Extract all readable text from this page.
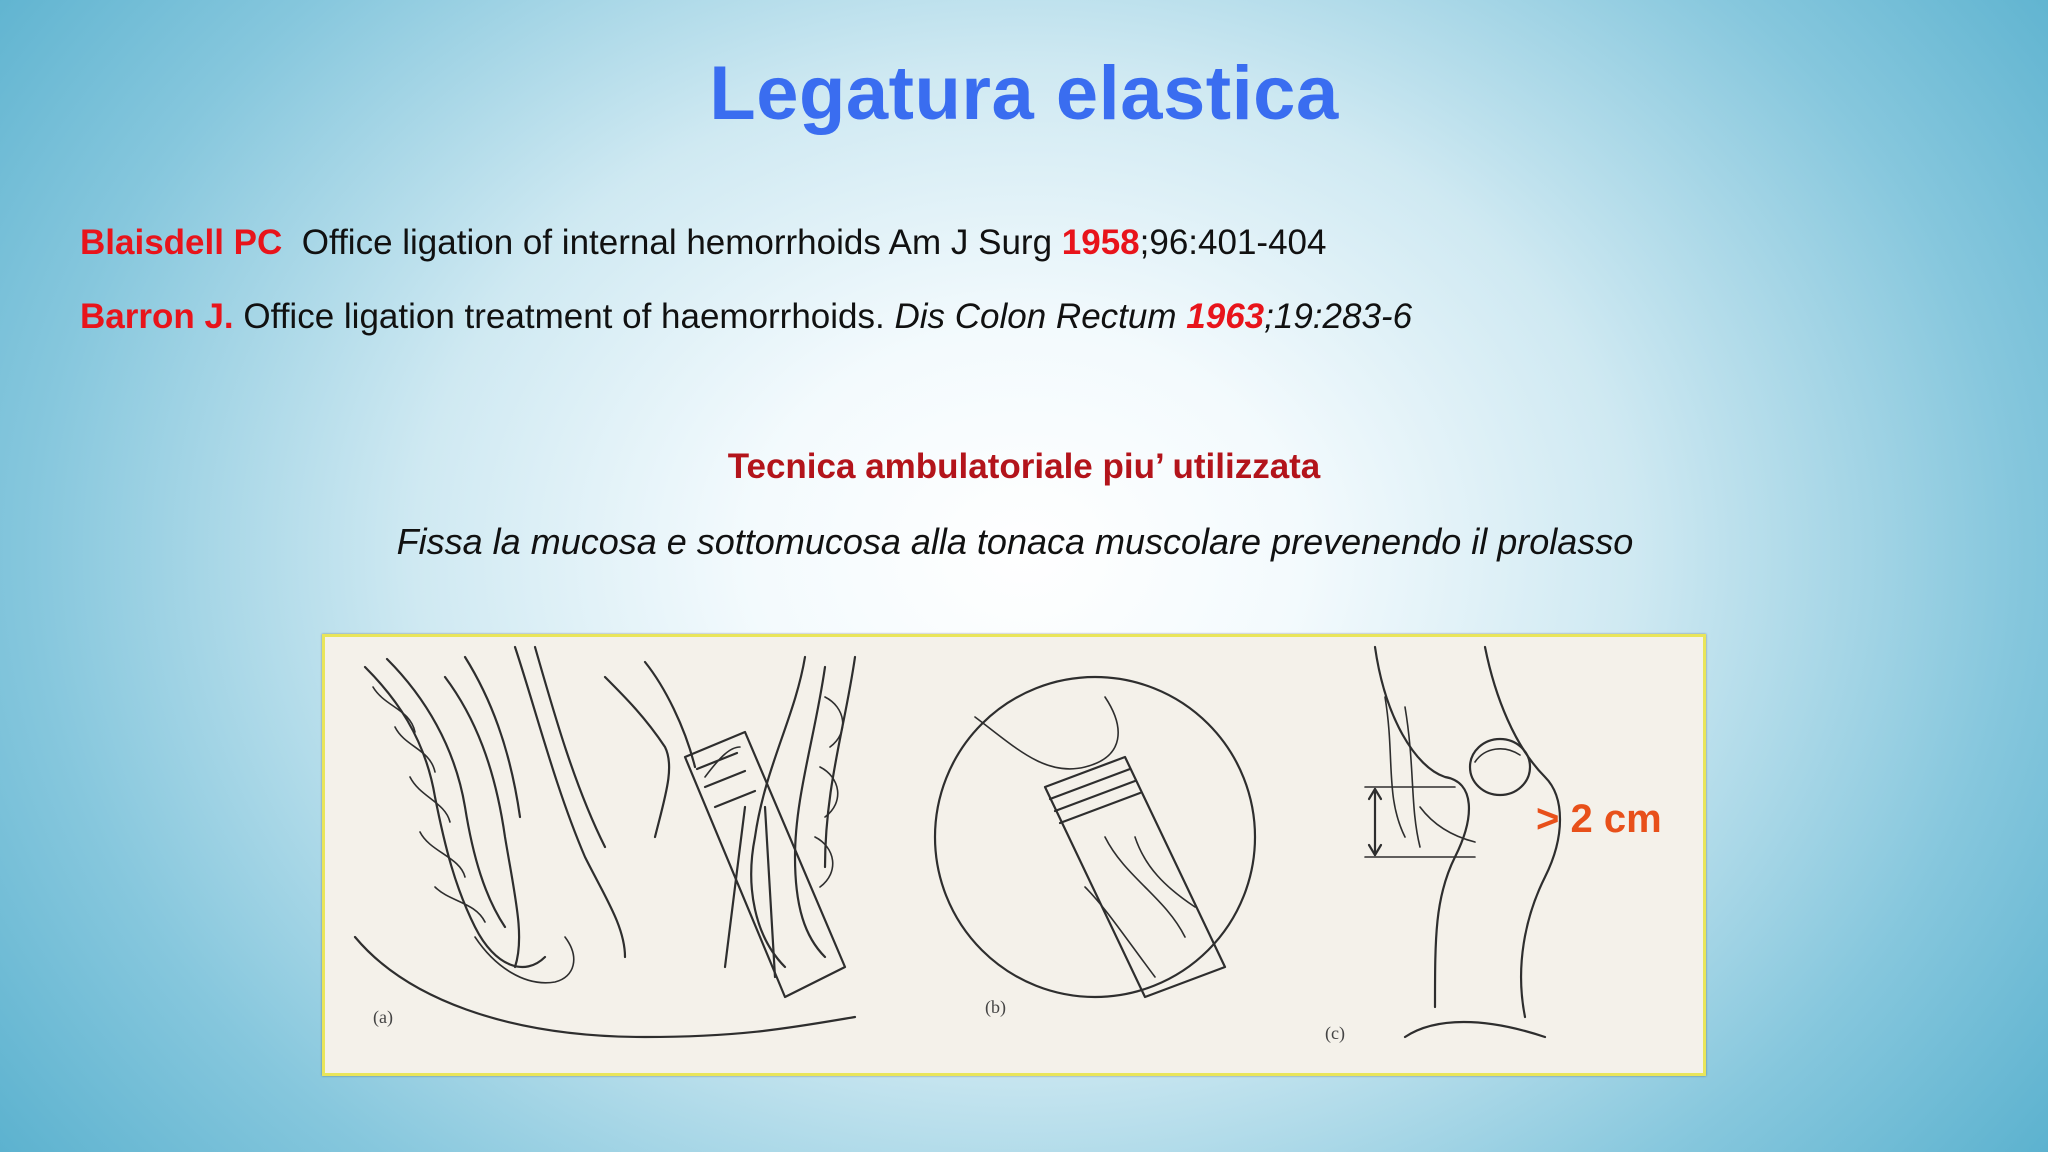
Legatura elastica
Blaisdell PC Office ligation of internal hemorrhoids Am J Surg 1958;96:401-404
Barron J. Office ligation treatment of haemorrhoids. Dis Colon Rectum 1963;19:283-6
Tecnica ambulatoriale piu’ utilizzata
Fissa la mucosa e sottomucosa alla tonaca muscolare prevenendo il prolasso
(a)	(b)
(c)
> 2 cm
